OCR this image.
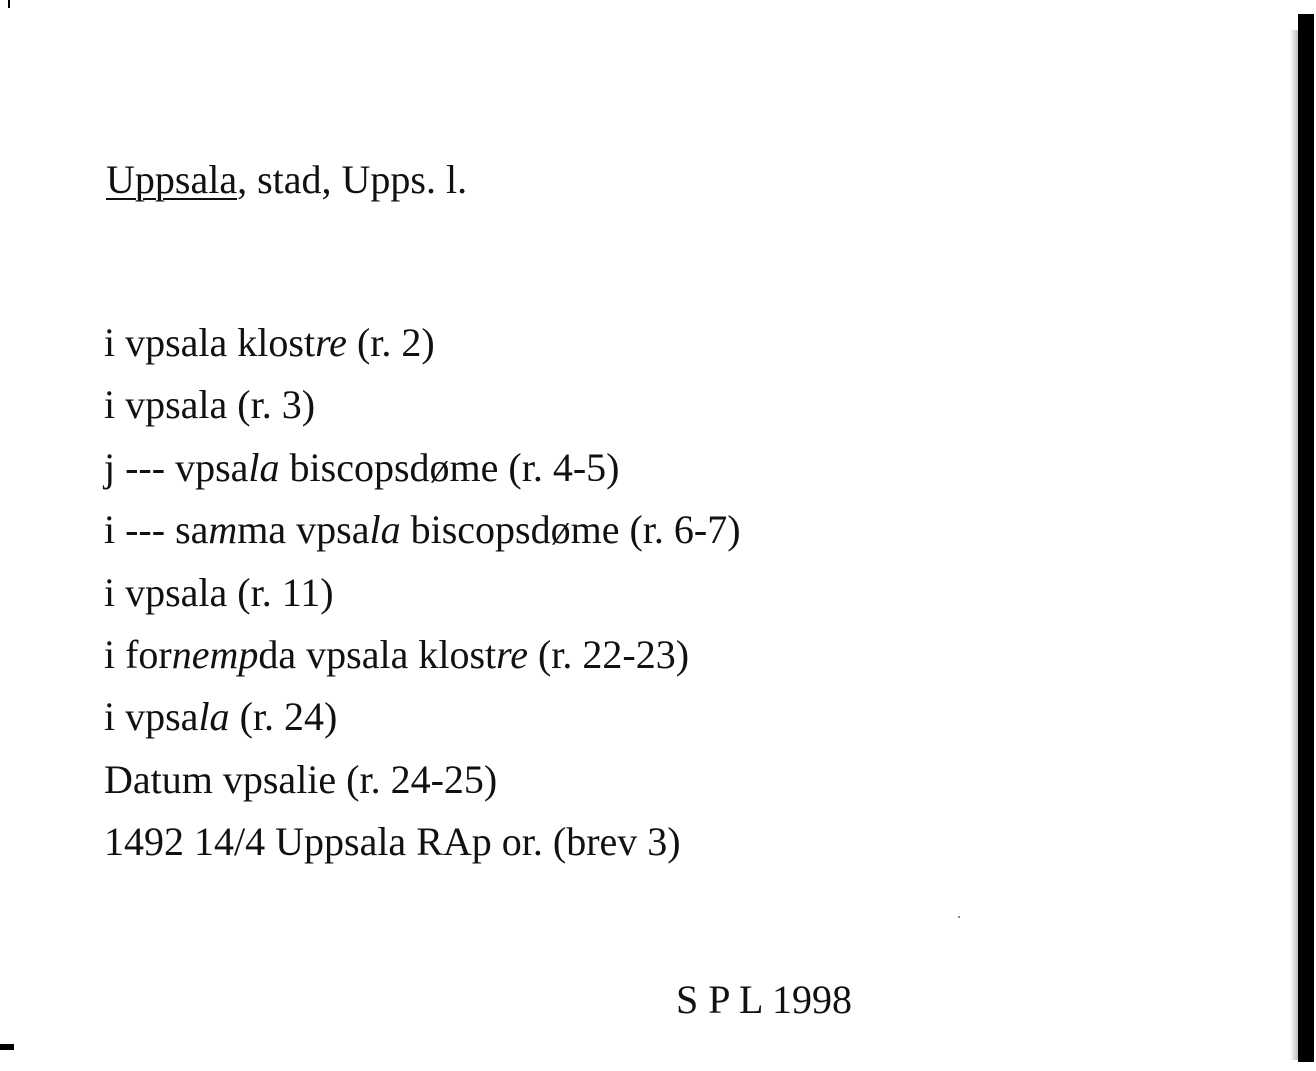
Uppsala, stad, Upps. l.
i vpsala klostre (r. 2)
i vpsala (r. 3)
j --- vpsala biscopsdøme (r. 4-5)
i --- samma vpsala biscopsdøme (r. 6-7)
i vpsala (r. 11)
i fornempda vpsala klostre (r. 22-23)
i vpsala (r. 24)
Datum vpsalie (r. 24-25)
1492 14/4 Uppsala RAp or. (brev 3)
S P L 1998
